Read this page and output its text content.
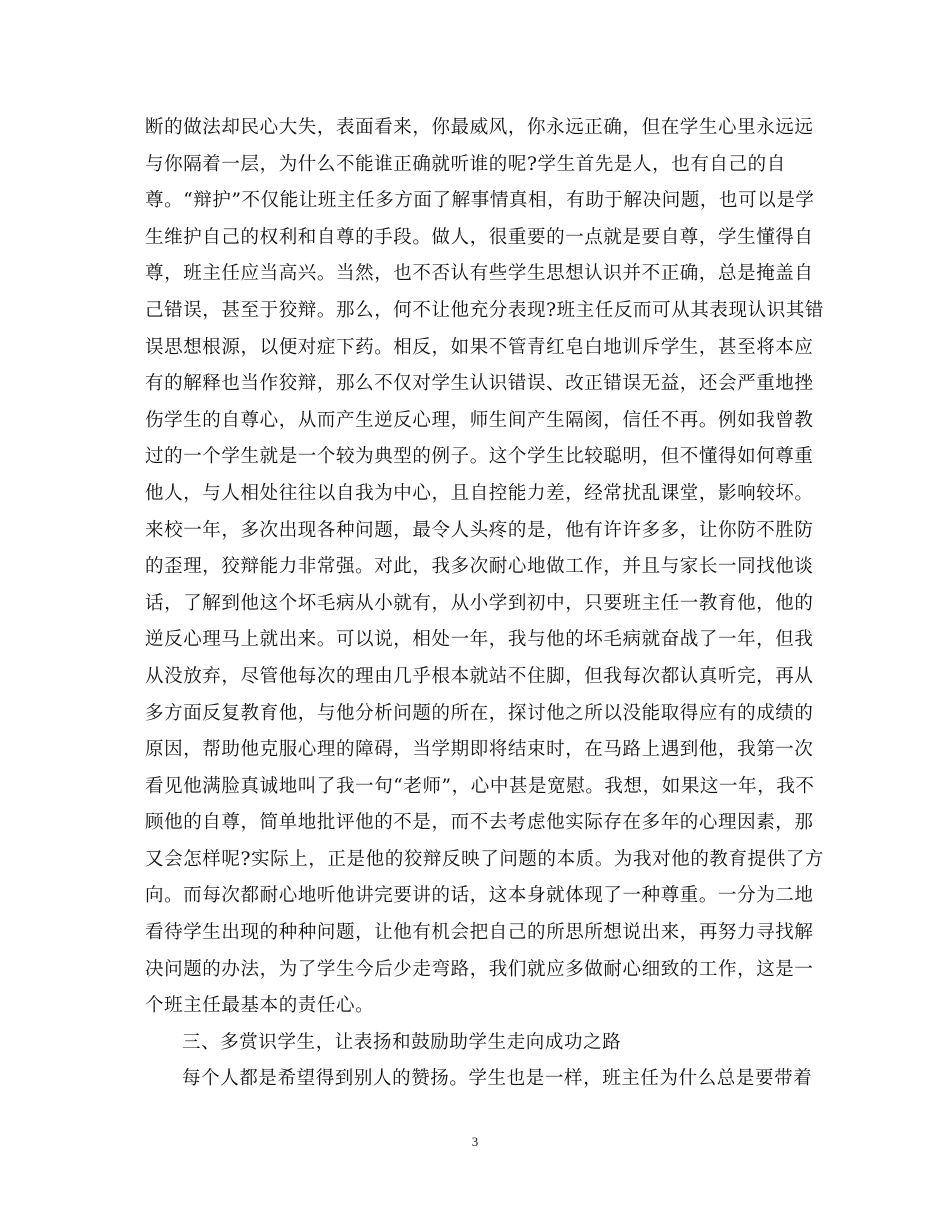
断的做法却民心大失，表面看来，你最威风，你永远正确，但在学生心里永远远
与你隔着一层，为什么不能谁正确就听谁的呢?学生首先是人，也有自己的自
尊。“辩护”不仅能让班主任多方面了解事情真相，有助于解决问题，也可以是学
生维护自己的权利和自尊的手段。做人，很重要的一点就是要自尊，学生懂得自
尊，班主任应当高兴。当然，也不否认有些学生思想认识并不正确，总是掩盖自
己错误，甚至于狡辩。那么，何不让他充分表现?班主任反而可从其表现认识其错
误思想根源，以便对症下药。相反，如果不管青红皂白地训斥学生，甚至将本应
有的解释也当作狡辩，那么不仅对学生认识错误、改正错误无益，还会严重地挫
伤学生的自尊心，从而产生逆反心理，师生间产生隔阂，信任不再。例如我曾教
过的一个学生就是一个较为典型的例子。这个学生比较聪明，但不懂得如何尊重
他人，与人相处往往以自我为中心，且自控能力差，经常扰乱课堂，影响较坏。
来校一年，多次出现各种问题，最令人头疼的是，他有许许多多，让你防不胜防
的歪理，狡辩能力非常强。对此，我多次耐心地做工作，并且与家长一同找他谈
话，了解到他这个坏毛病从小就有，从小学到初中，只要班主任一教育他，他的
逆反心理马上就出来。可以说，相处一年，我与他的坏毛病就奋战了一年，但我
从没放弃，尽管他每次的理由几乎根本就站不住脚，但我每次都认真听完，再从
多方面反复教育他，与他分析问题的所在，探讨他之所以没能取得应有的成绩的
原因，帮助他克服心理的障碍，当学期即将结束时，在马路上遇到他，我第一次
看见他满脸真诚地叫了我一句“老师”，心中甚是宽慰。我想，如果这一年，我不
顾他的自尊，简单地批评他的不是，而不去考虑他实际存在多年的心理因素，那
又会怎样呢?实际上，正是他的狡辩反映了问题的本质。为我对他的教育提供了方
向。而每次都耐心地听他讲完要讲的话，这本身就体现了一种尊重。一分为二地
看待学生出现的种种问题，让他有机会把自己的所思所想说出来，再努力寻找解
决问题的办法，为了学生今后少走弯路，我们就应多做耐心细致的工作，这是一
个班主任最基本的责任心。
三、多赏识学生，让表扬和鼓励助学生走向成功之路
每个人都是希望得到别人的赞扬。学生也是一样，班主任为什么总是要带着
3
